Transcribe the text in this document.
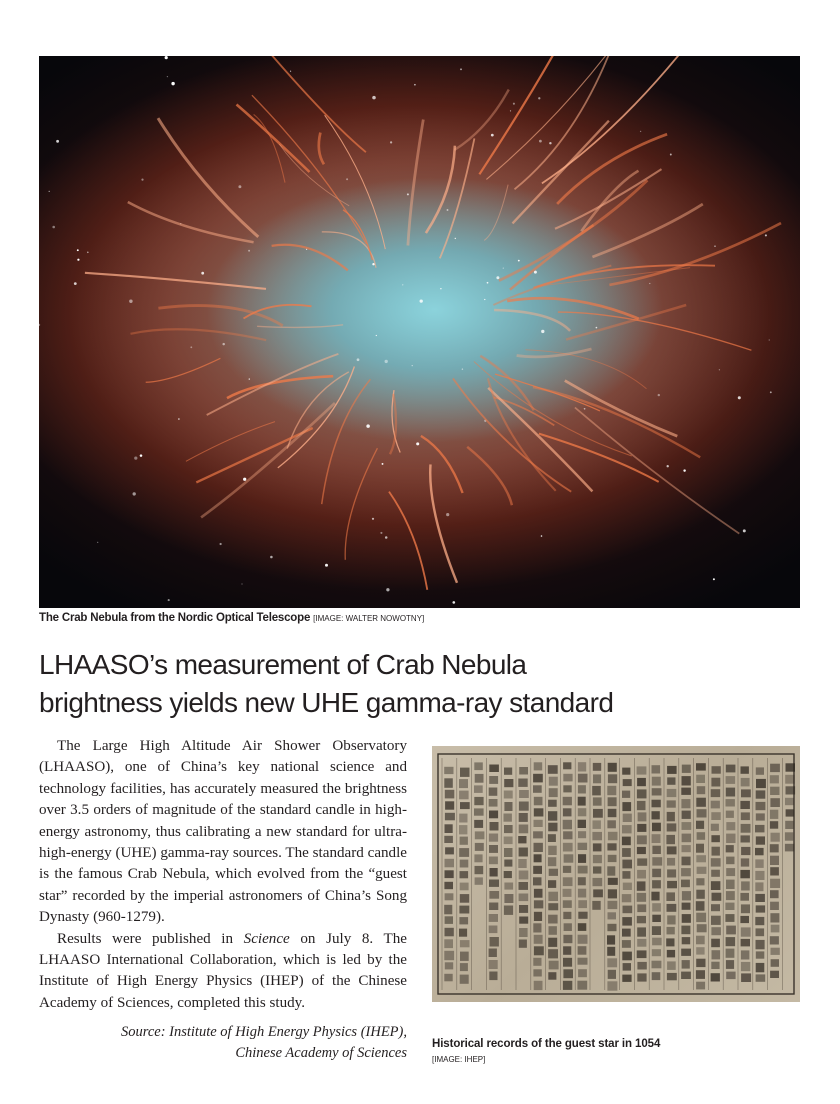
The Crab Nebula from the Nordic Optical Telescope [IMAGE: WALTER NOWOTNY]
LHAASO’s measurement of Crab Nebula
brightness yields new UHE gamma-ray standard

The Large High Altitude Air Shower Observatory (LHAASO), one of China’s key national science and technology facilities, has accurately measured the brightness over 3.5 orders of magnitude of the standard candle in high-energy astronomy, thus calibrating a new standard for ultra-high-energy (UHE) gamma-ray sources. The standard candle is the famous Crab Nebula, which evolved from the “guest star” recorded by the imperial astronomers of China’s Song Dynasty (960-1279).

Results were published in Science on July 8. The LHAASO International Collaboration, which is led by the Institute of High Energy Physics (IHEP) of the Chinese Academy of Sciences, completed this study.

Source: Institute of High Energy Physics (IHEP),
Chinese Academy of Sciences
Historical records of the guest star in 1054
[IMAGE: IHEP]
